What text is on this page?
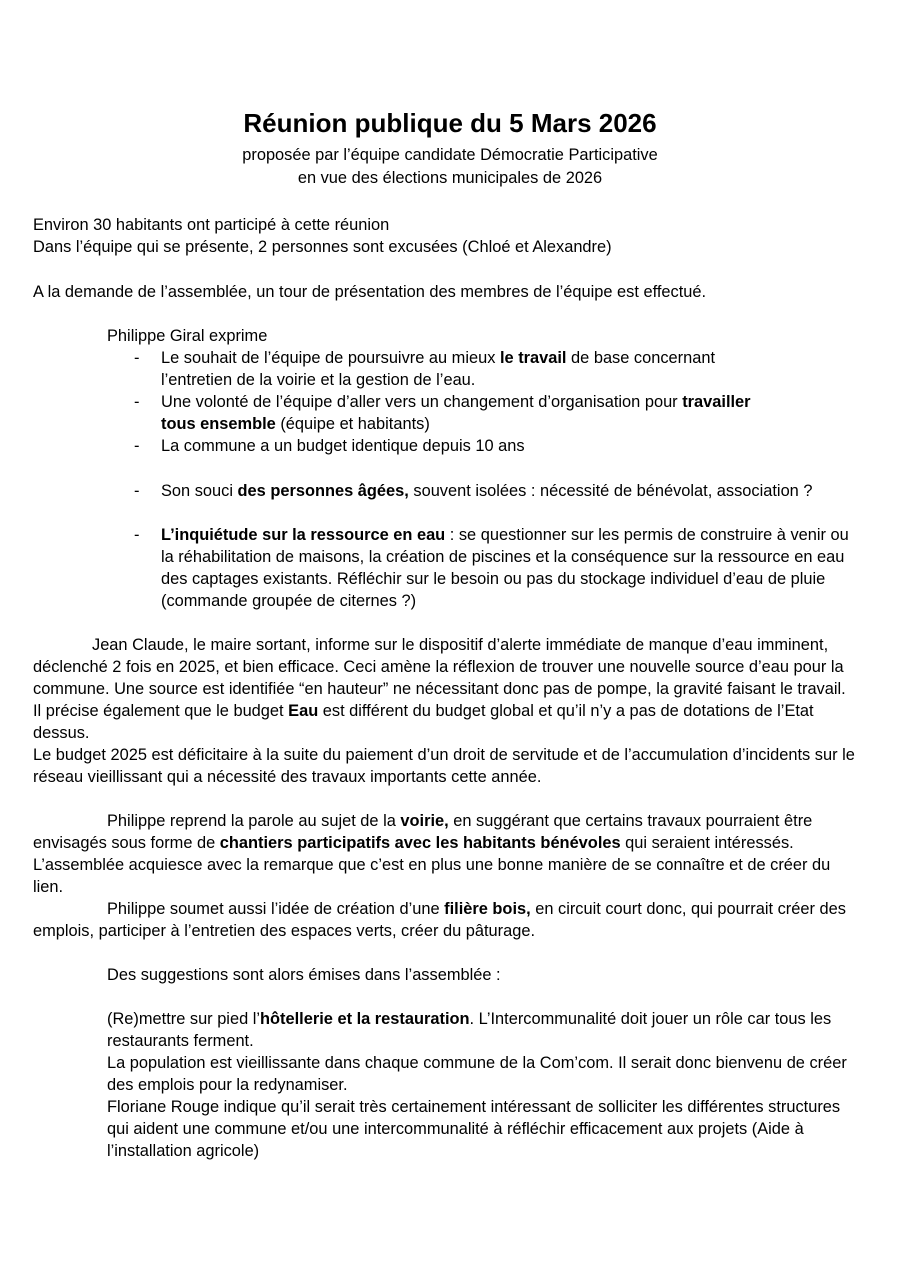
Réunion publique du 5 Mars 2026
proposée par l’équipe candidate Démocratie Participative
en vue des élections municipales de 2026
Environ 30 habitants ont participé à cette réunion
Dans l’équipe qui se présente, 2 personnes sont excusées (Chloé et Alexandre)
A la demande de l’assemblée, un tour de présentation des membres de l’équipe est effectué.
Philippe Giral exprime
- Le souhait de l’équipe de poursuivre au mieux le travail de base concernant
l’entretien de la voirie et la gestion de l’eau.
- Une volonté de l’équipe d’aller vers un changement d’organisation pour travailler
tous ensemble (équipe et habitants)
- La commune a un budget identique depuis 10 ans
- Son souci des personnes âgées, souvent isolées : nécessité de bénévolat, association ?
- L’inquiétude sur la ressource en eau : se questionner sur les permis de construire à venir ou
la réhabilitation de maisons, la création de piscines et la conséquence sur la ressource en eau
des captages existants. Réfléchir sur le besoin ou pas du stockage individuel d’eau de pluie
(commande groupée de citernes ?)
Jean Claude, le maire sortant, informe sur le dispositif d’alerte immédiate de manque d’eau imminent,
déclenché 2 fois en 2025, et bien efficace. Ceci amène la réflexion de trouver une nouvelle source d’eau pour la
commune. Une source est identifiée “en hauteur” ne nécessitant donc pas de pompe, la gravité faisant le travail.
Il précise également que le budget Eau est différent du budget global et qu’il n’y a pas de dotations de l’Etat
dessus.
Le budget 2025 est déficitaire à la suite du paiement d’un droit de servitude et de l’accumulation d’incidents sur le
réseau vieillissant qui a nécessité des travaux importants cette année.
Philippe reprend la parole au sujet de la voirie, en suggérant que certains travaux pourraient être
envisagés sous forme de chantiers participatifs avec les habitants bénévoles qui seraient intéressés.
L’assemblée acquiesce avec la remarque que c’est en plus une bonne manière de se connaître et de créer du
lien.
Philippe soumet aussi l’idée de création d’une filière bois, en circuit court donc, qui pourrait créer des
emplois, participer à l’entretien des espaces verts, créer du pâturage.
Des suggestions sont alors émises dans l’assemblée :
(Re)mettre sur pied l’hôtellerie et la restauration. L’Intercommunalité doit jouer un rôle car tous les
restaurants ferment.
La population est vieillissante dans chaque commune de la Com’com. Il serait donc bienvenu de créer
des emplois pour la redynamiser.
Floriane Rouge indique qu’il serait très certainement intéressant de solliciter les différentes structures
qui aident une commune et/ou une intercommunalité à réfléchir efficacement aux projets (Aide à
l’installation agricole)
